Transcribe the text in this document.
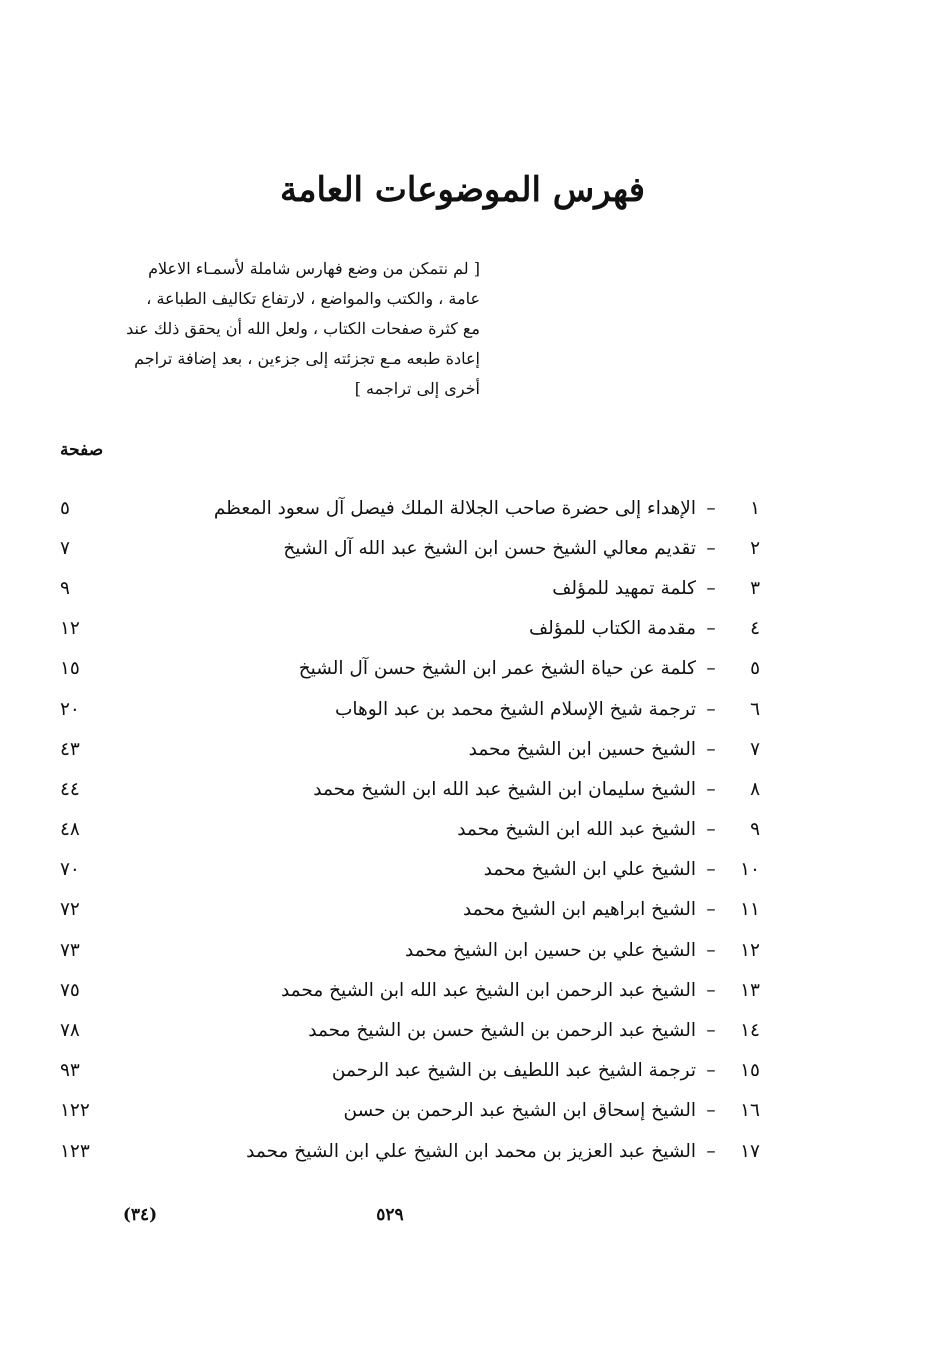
فهرس الموضوعات العامة
[ لم نتمكن من وضع فهارس شاملة لأسمـاء الاعلام
عامة ، والكتب والمواضع ، لارتفاع تكاليف الطباعة ،
مع كثرة صفحات الكتاب ، ولعل الله أن يحقق ذلك عند
إعادة طبعه مـع تجزئته إلى جزءين ، بعد إضافة تراجم
أخرى إلى تراجمه ]
صفحة
١
–
الإهداء إلى حضرة صاحب الجلالة الملك فيصل آل سعود المعظم
٥
٢
–
تقديم معالي الشيخ حسن ابن الشيخ عبد الله آل الشيخ
٧
٣
–
كلمة تمهيد للمؤلف
٩
٤
–
مقدمة الكتاب للمؤلف
١٢
٥
–
كلمة عن حياة الشيخ عمر ابن الشيخ حسن آل الشيخ
١٥
٦
–
ترجمة شيخ الإسلام الشيخ محمد بن عبد الوهاب
٢٠
٧
–
الشيخ حسين ابن الشيخ محمد
٤٣
٨
–
الشيخ سليمان ابن الشيخ عبد الله ابن الشيخ محمد
٤٤
٩
–
الشيخ عبد الله ابن الشيخ محمد
٤٨
١٠
–
الشيخ علي ابن الشيخ محمد
٧٠
١١
–
الشيخ ابراهيم ابن الشيخ محمد
٧٢
١٢
–
الشيخ علي بن حسين ابن الشيخ محمد
٧٣
١٣
–
الشيخ عبد الرحمن ابن الشيخ عبد الله ابن الشيخ محمد
٧٥
١٤
–
الشيخ عبد الرحمن بن الشيخ حسن بن الشيخ محمد
٧٨
١٥
–
ترجمة الشيخ عبد اللطيف بن الشيخ عبد الرحمن
٩٣
١٦
–
الشيخ إسحاق ابن الشيخ عبد الرحمن بن حسن
١٢٢
١٧
–
الشيخ عبد العزيز بن محمد ابن الشيخ علي ابن الشيخ محمد
١٢٣
٥٢٩
(٣٤)
